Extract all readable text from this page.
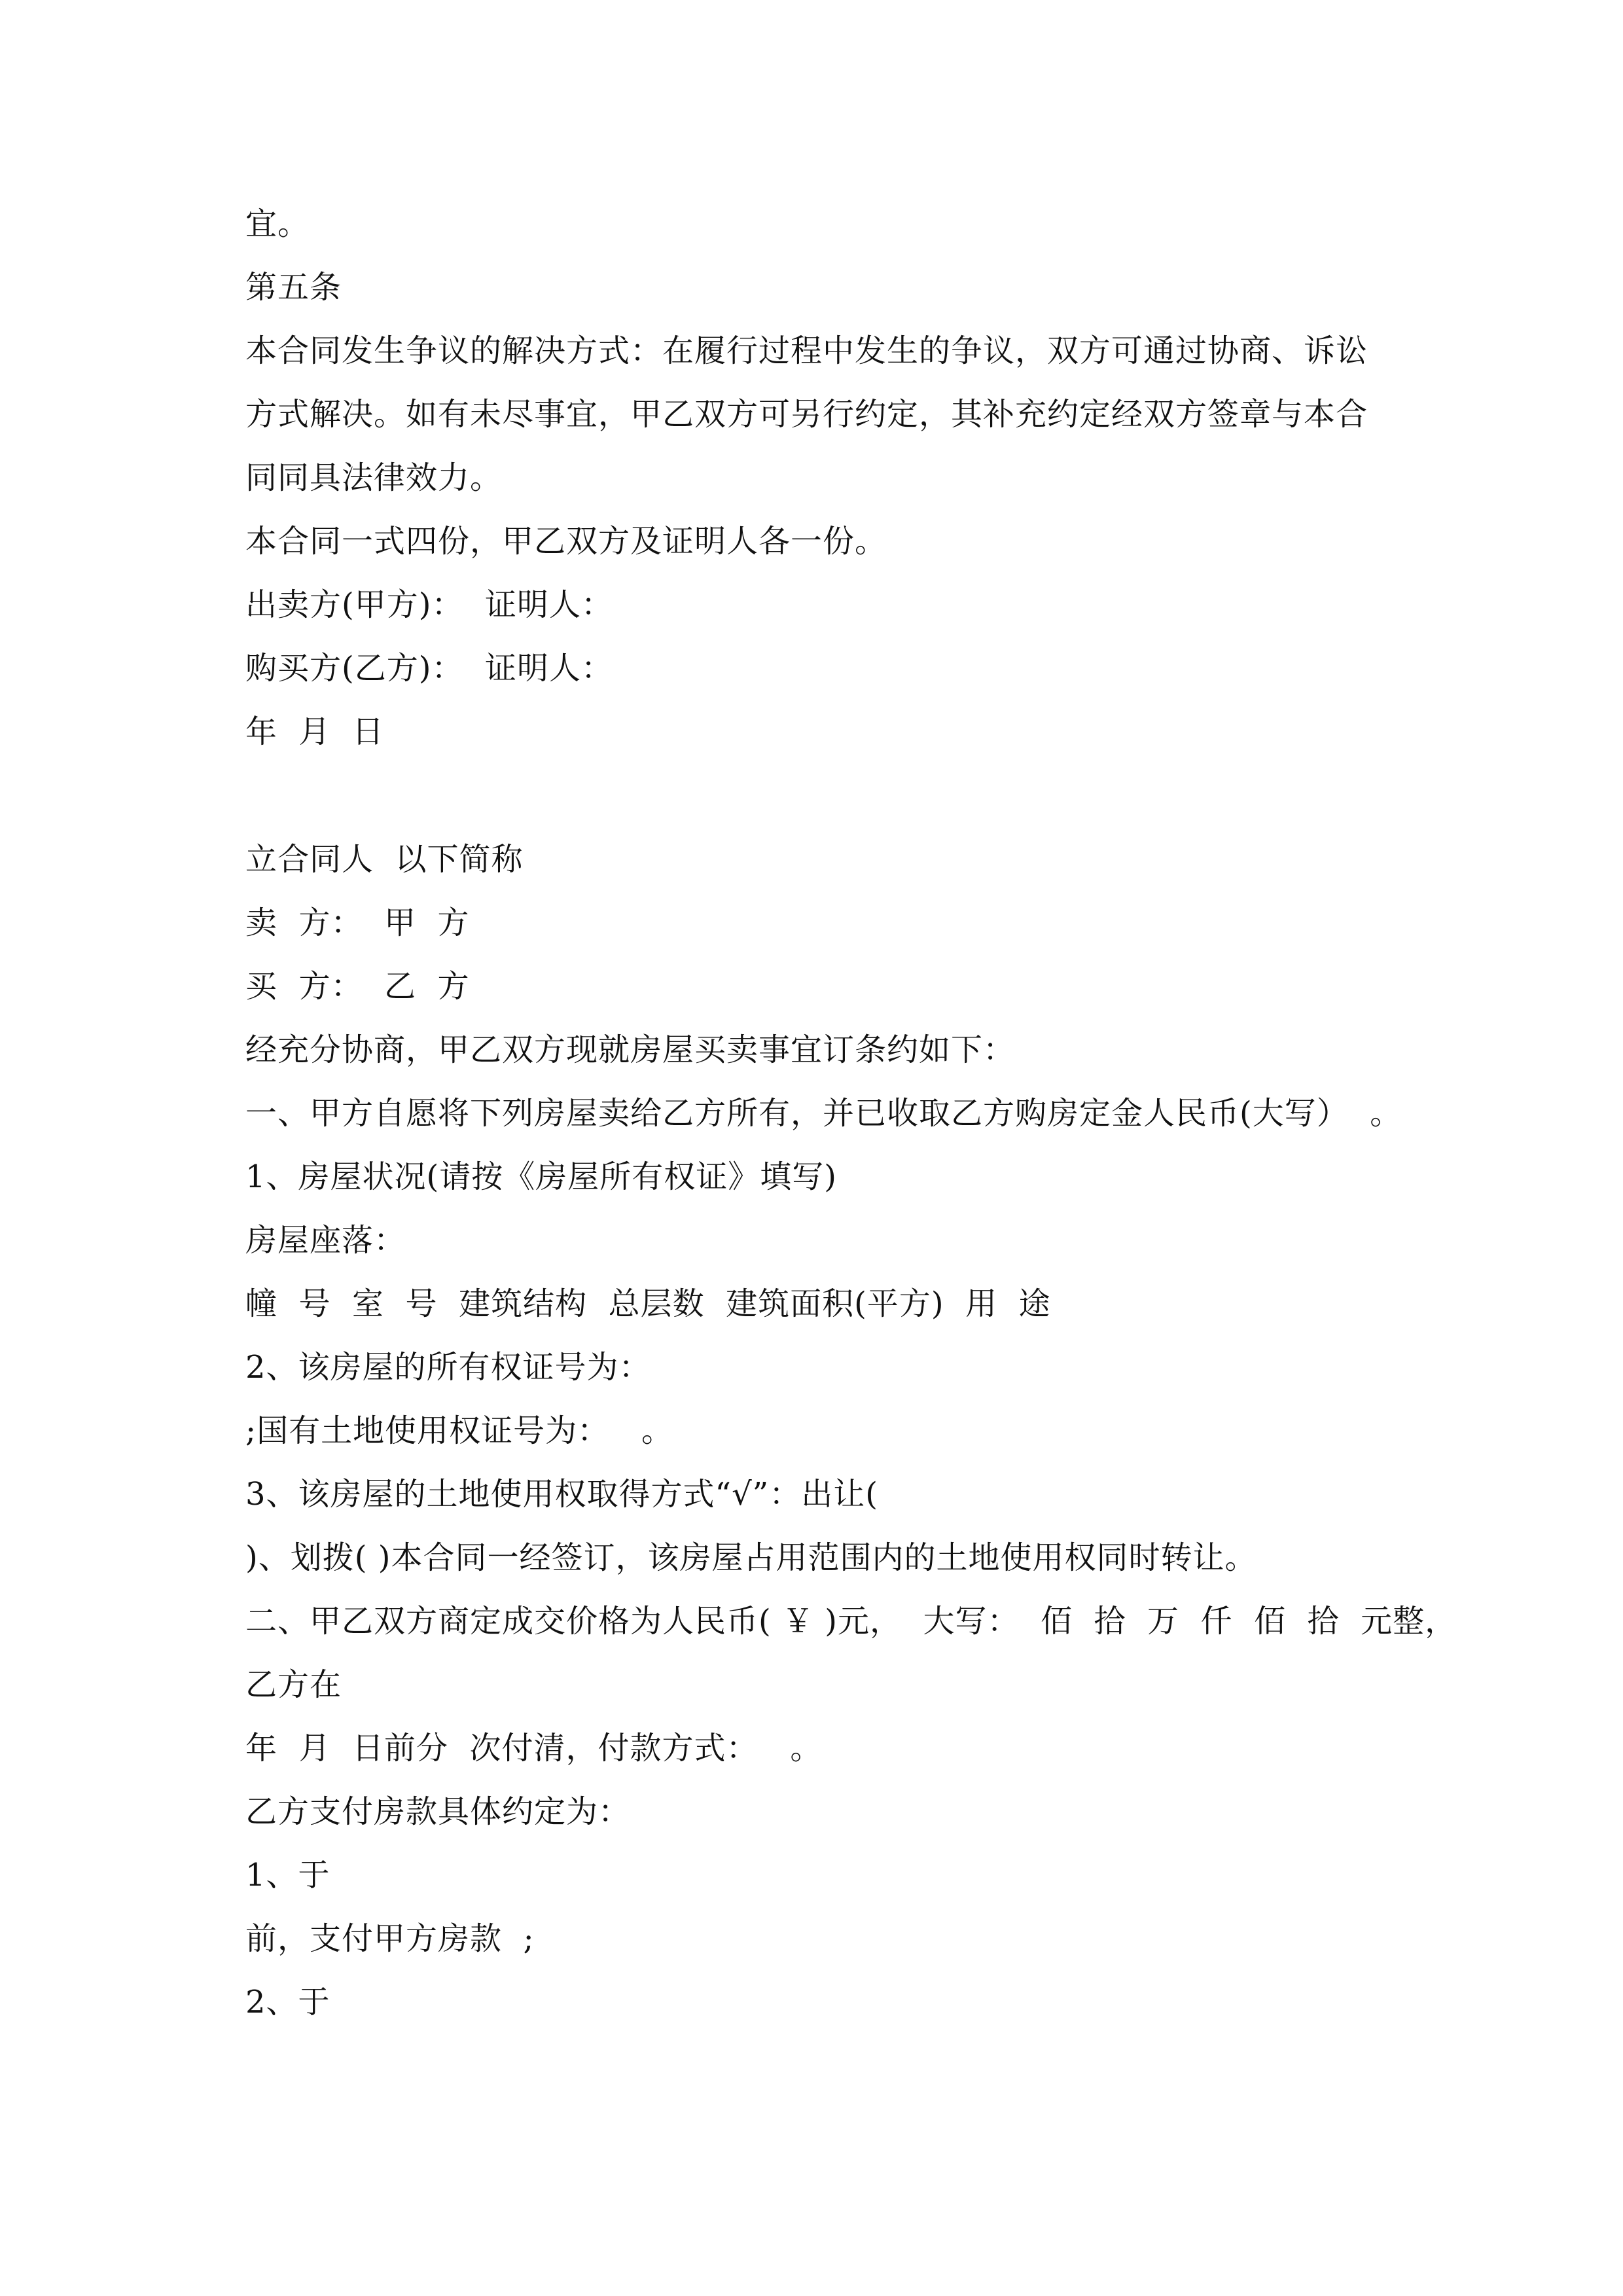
宜。

第五条

本合同发生争议的解决方式：在履行过程中发生的争议，双方可通过协商、诉讼

方式解决。如有未尽事宜，甲乙双方可另行约定，其补充约定经双方签章与本合

同同具法律效力。

本合同一式四份，甲乙双方及证明人各一份。

出卖方(甲方)：  证明人：

购买方(乙方)：  证明人：

年  月  日

立合同人  以下简称

卖  方：  甲  方

买  方：  乙  方

经充分协商，甲乙双方现就房屋买卖事宜订条约如下：

一、甲方自愿将下列房屋卖给乙方所有，并已收取乙方购房定金人民币(大写）  。

1、房屋状况(请按《房屋所有权证》填写)

房屋座落：

幢  号  室  号  建筑结构  总层数  建筑面积(平方)  用  途

2、该房屋的所有权证号为：

;国有土地使用权证号为：   。

3、该房屋的土地使用权取得方式“√”：出让(

)、划拨( )本合同一经签订，该房屋占用范围内的土地使用权同时转让。

二、甲乙双方商定成交价格为人民币( ￥ )元，  大写：  佰  拾  万  仟  佰  拾  元整，

乙方在

年  月  日前分  次付清，付款方式：   。

乙方支付房款具体约定为：

1、于

前，支付甲方房款  ;

2、于
